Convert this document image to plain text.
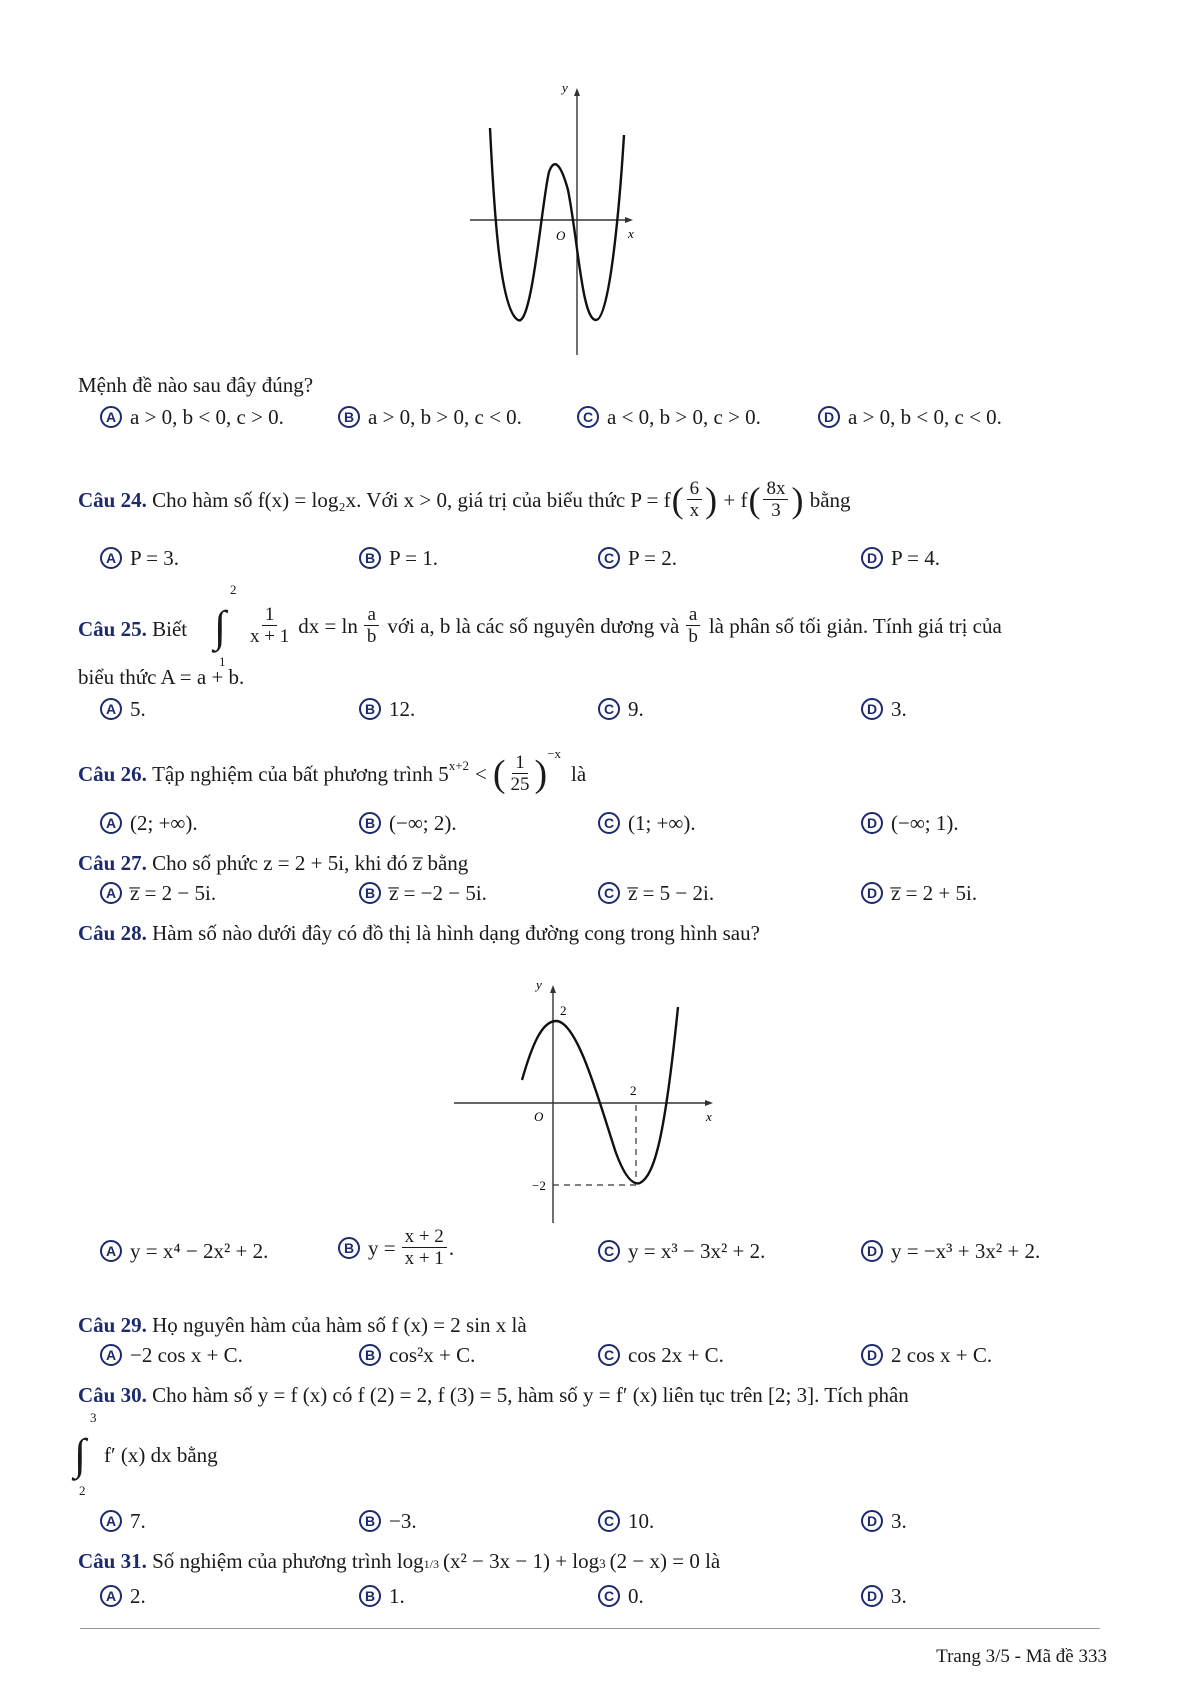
y
x
O
Mệnh đề nào sau đây đúng?
A a > 0, b < 0, c > 0.	B a > 0, b > 0, c < 0.	C a < 0, b > 0, c > 0.	D a > 0, b < 0, c < 0.
Câu 24.
Cho hàm số f(x) = log₂x. Với x > 0, giá trị của biểu thức P = f ( $\frac{6}{x}$ )
+ f ( $\frac{8x}{3}$ )
bằng
A P = 3.	B P = 1.	C P = 2.	D P = 4.
Câu 25. Biết
2
∫
1
$\frac{1}{x + 1}$ dx = $\ln \frac{a}{b}$ với a, b là các số nguyên dương và $\frac{a}{b}$ là phân số tối giản. Tính giá trị của
biểu thức A = a + b.
A 5.	B 12.	C 9.	D 3.
Câu 26.
Tập nghiệm của bất phương trình $5^{x+2}$ < ( $\frac{1}{25} )^{-x}$
là
A (2; +∞).	B (−∞; 2).	C (1; +∞).	D (−∞; 1).
Câu 27. Cho số phức z = 2 + 5i, khi đó z̅ bằng
A z̅ = 2 − 5i.	B z̅ = −2 − 5i.	C z̅ = 5 − 2i.	D z̅ = 2 + 5i.
Câu 28. Hàm số nào dưới đây có đồ thị là hình dạng đường cong trong hình sau?
y
x
O
2
2
−2
A y = x⁴ − 2x² + 2.	B $y = \frac{x + 2}{x + 1}$ .	C y = x³ − 3x² + 2.	D y = −x³ + 3x² + 2.
Câu 29. Họ nguyên hàm của hàm số f (x) = 2 sin x là
A −2 cos x + C.	B cos²x + C.	C cos 2x + C.	D 2 cos x + C.
Câu 30. Cho hàm số y = f (x) có f (2) = 2, f (3) = 5, hàm số y = f′ (x) liên tục trên [2; 3]. Tích phân
3
∫
2
f′ (x) dx bằng
A 7.	B −3.	C 10.	D 3.
Câu 31.
Số nghiệm của phương trình log 1/3 (x² − 3x − 1) + log 3 (2 − x) = 0 là
A 2.	B 1.	C 0.	D 3.
Trang 3/5 - Mã đề 333
